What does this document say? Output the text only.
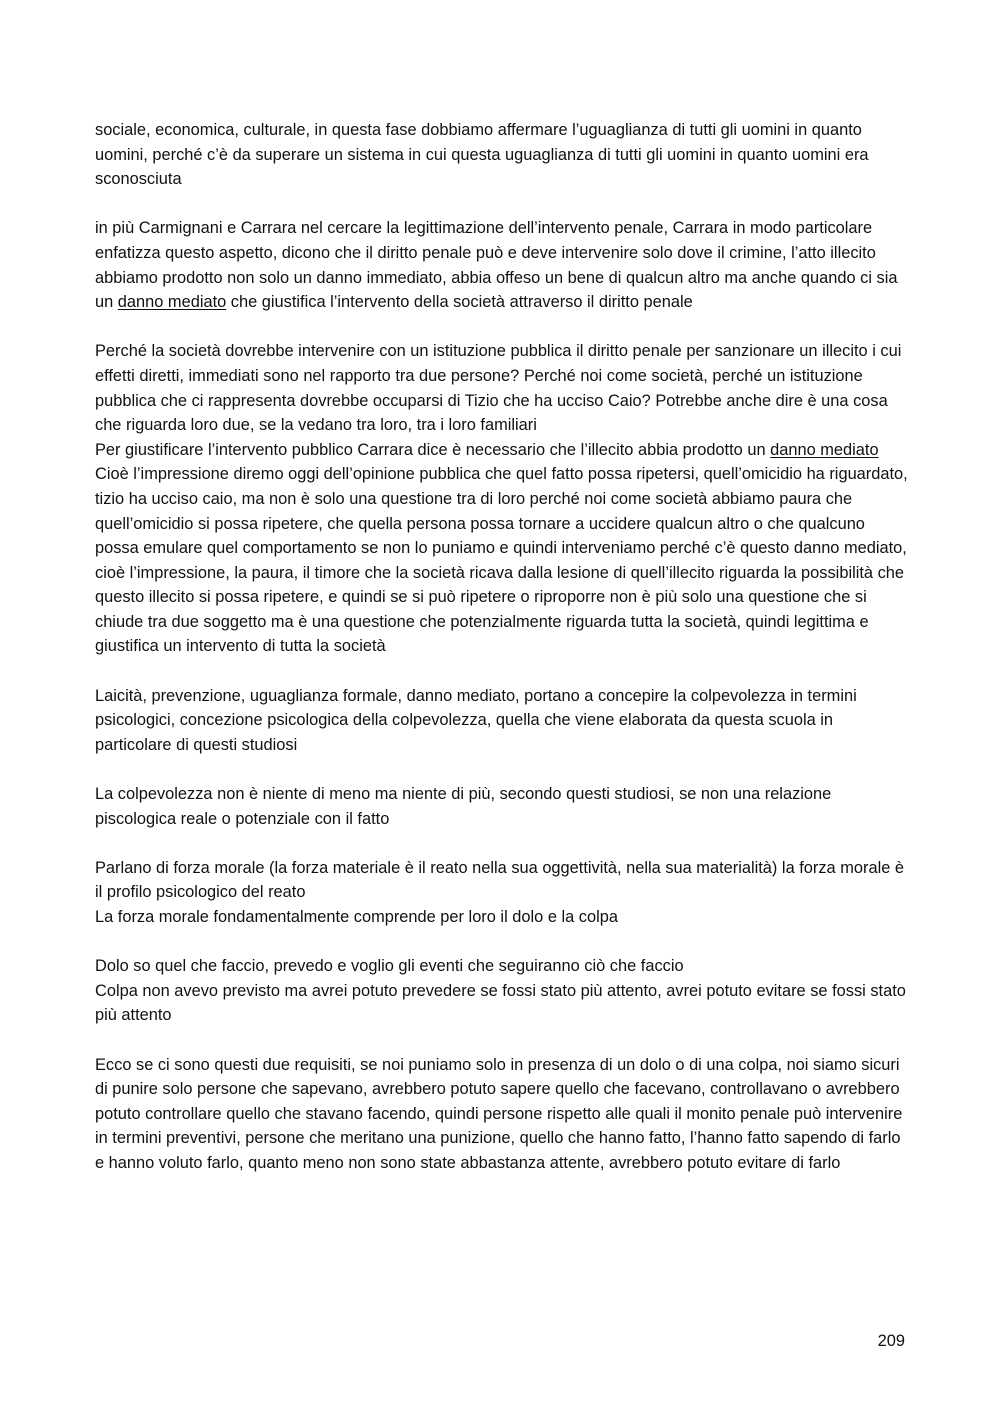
sociale, economica, culturale, in questa fase dobbiamo affermare l’uguaglianza di tutti gli uomini in quanto uomini, perché c’è da superare un sistema in cui questa uguaglianza di tutti gli uomini in quanto uomini era sconosciuta

in più Carmignani e Carrara nel cercare la legittimazione dell’intervento penale, Carrara in modo particolare enfatizza questo aspetto, dicono che il diritto penale può e deve intervenire solo dove il crimine, l’atto illecito abbiamo prodotto non solo un danno immediato, abbia offeso un bene di qualcun altro ma anche quando ci sia un danno mediato che giustifica l’intervento della società attraverso il diritto penale

Perché la società dovrebbe intervenire con un istituzione pubblica il diritto penale per sanzionare un illecito i cui effetti diretti, immediati sono nel rapporto tra due persone? Perché noi come società, perché un istituzione pubblica che ci rappresenta dovrebbe occuparsi di Tizio che ha ucciso Caio? Potrebbe anche dire è una cosa che riguarda loro due, se la vedano tra loro, tra i loro familiari

Per giustificare l’intervento pubblico Carrara dice è necessario che l’illecito abbia prodotto un danno mediato

Cioè l’impressione diremo oggi dell’opinione pubblica che quel fatto possa ripetersi, quell’omicidio ha riguardato, tizio ha ucciso caio, ma non è solo una questione tra di loro perché noi come società abbiamo paura che quell’omicidio si possa ripetere, che quella persona possa tornare a uccidere qualcun altro o che qualcuno possa emulare quel comportamento se non lo puniamo e quindi interveniamo perché c’è questo danno mediato, cioè l’impressione, la paura, il timore che la società ricava dalla lesione di quell’illecito riguarda la possibilità che questo illecito si possa ripetere, e quindi se si può ripetere o riproporre non è più solo una questione che si chiude tra due soggetto ma è una questione che potenzialmente riguarda tutta la società, quindi legittima e giustifica un intervento di tutta la società

Laicità, prevenzione, uguaglianza formale, danno mediato, portano a concepire la colpevolezza in termini psicologici, concezione psicologica della colpevolezza, quella che viene elaborata da questa scuola in particolare di questi studiosi

La colpevolezza non è niente di meno ma niente di più, secondo questi studiosi, se non una relazione piscologica reale o potenziale con il fatto

Parlano di forza morale (la forza materiale è il reato nella sua oggettività, nella sua materialità) la forza morale è il profilo psicologico del reato

La forza morale fondamentalmente comprende per loro il dolo e la colpa

Dolo so quel che faccio, prevedo e voglio gli eventi che seguiranno ciò che faccio

Colpa non avevo previsto ma avrei potuto prevedere se fossi stato più attento, avrei potuto evitare se fossi stato più attento

Ecco se ci sono questi due requisiti, se noi puniamo solo in presenza di un dolo o di una colpa, noi siamo sicuri di punire solo persone che sapevano, avrebbero potuto sapere quello che facevano, controllavano o avrebbero potuto controllare quello che stavano facendo, quindi persone rispetto alle quali il monito penale può intervenire in termini preventivi, persone che meritano una punizione, quello che hanno fatto, l’hanno fatto sapendo di farlo e hanno voluto farlo, quanto meno non sono state abbastanza attente, avrebbero potuto evitare di farlo

209
